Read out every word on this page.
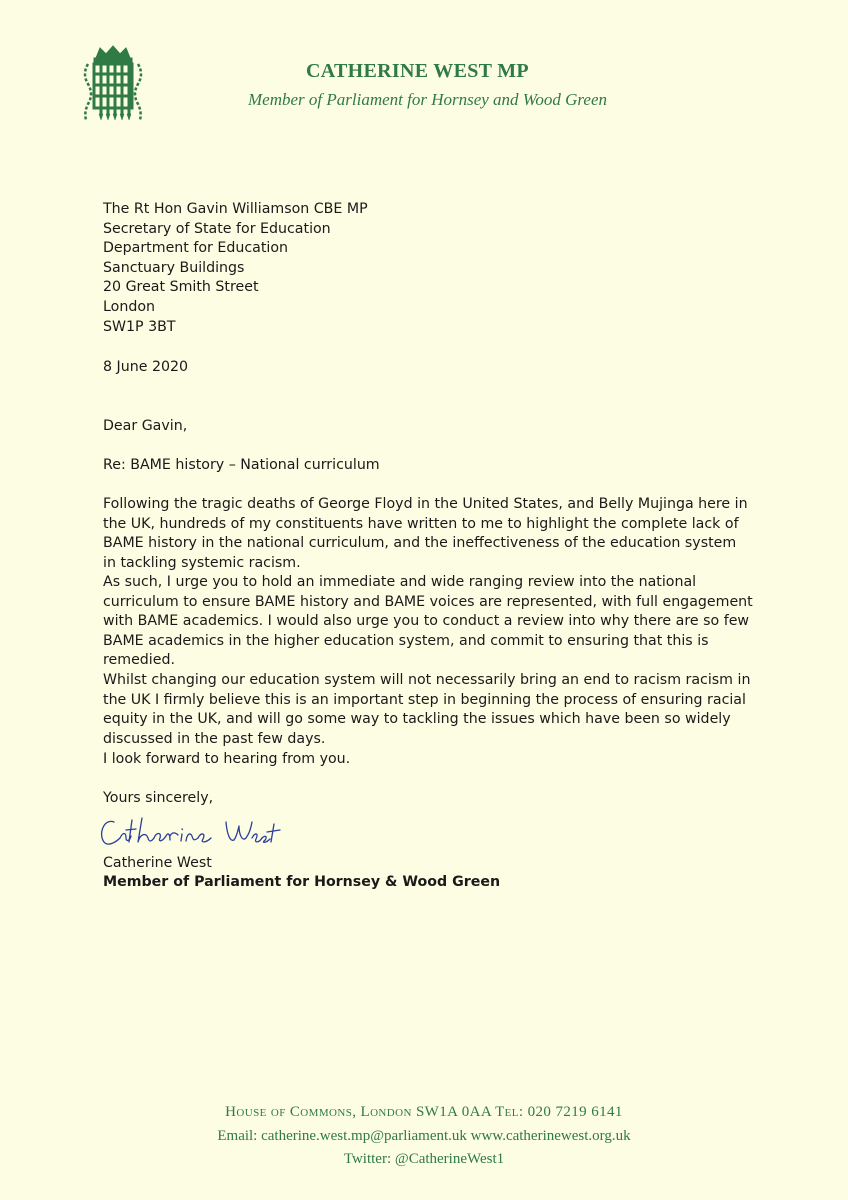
CATHERINE WEST MP
Member of Parliament for Hornsey and Wood Green
The Rt Hon Gavin Williamson CBE MP
Secretary of State for Education
Department for Education
Sanctuary Buildings
20 Great Smith Street
London
SW1P 3BT
8 June 2020
Dear Gavin,
Re: BAME history – National curriculum
Following the tragic deaths of George Floyd in the United States, and Belly Mujinga here in the UK, hundreds of my constituents have written to me to highlight the complete lack of BAME history in the national curriculum, and the ineffectiveness of the education system in tackling systemic racism.
As such, I urge you to hold an immediate and wide ranging review into the national curriculum to ensure BAME history and BAME voices are represented, with full engagement with BAME academics. I would also urge you to conduct a review into why there are so few BAME academics in the higher education system, and commit to ensuring that this is remedied.
Whilst changing our education system will not necessarily bring an end to racism racism in the UK I firmly believe this is an important step in beginning the process of ensuring racial equity in the UK, and will go some way to tackling the issues which have been so widely discussed in the past few days.
I look forward to hearing from you.
Yours sincerely,
Catherine West
Member of Parliament for Hornsey & Wood Green
House of Commons, London SW1A 0AA Tel: 020 7219 6141
Email: catherine.west.mp@parliament.uk www.catherinewest.org.uk
Twitter: @CatherineWest1
